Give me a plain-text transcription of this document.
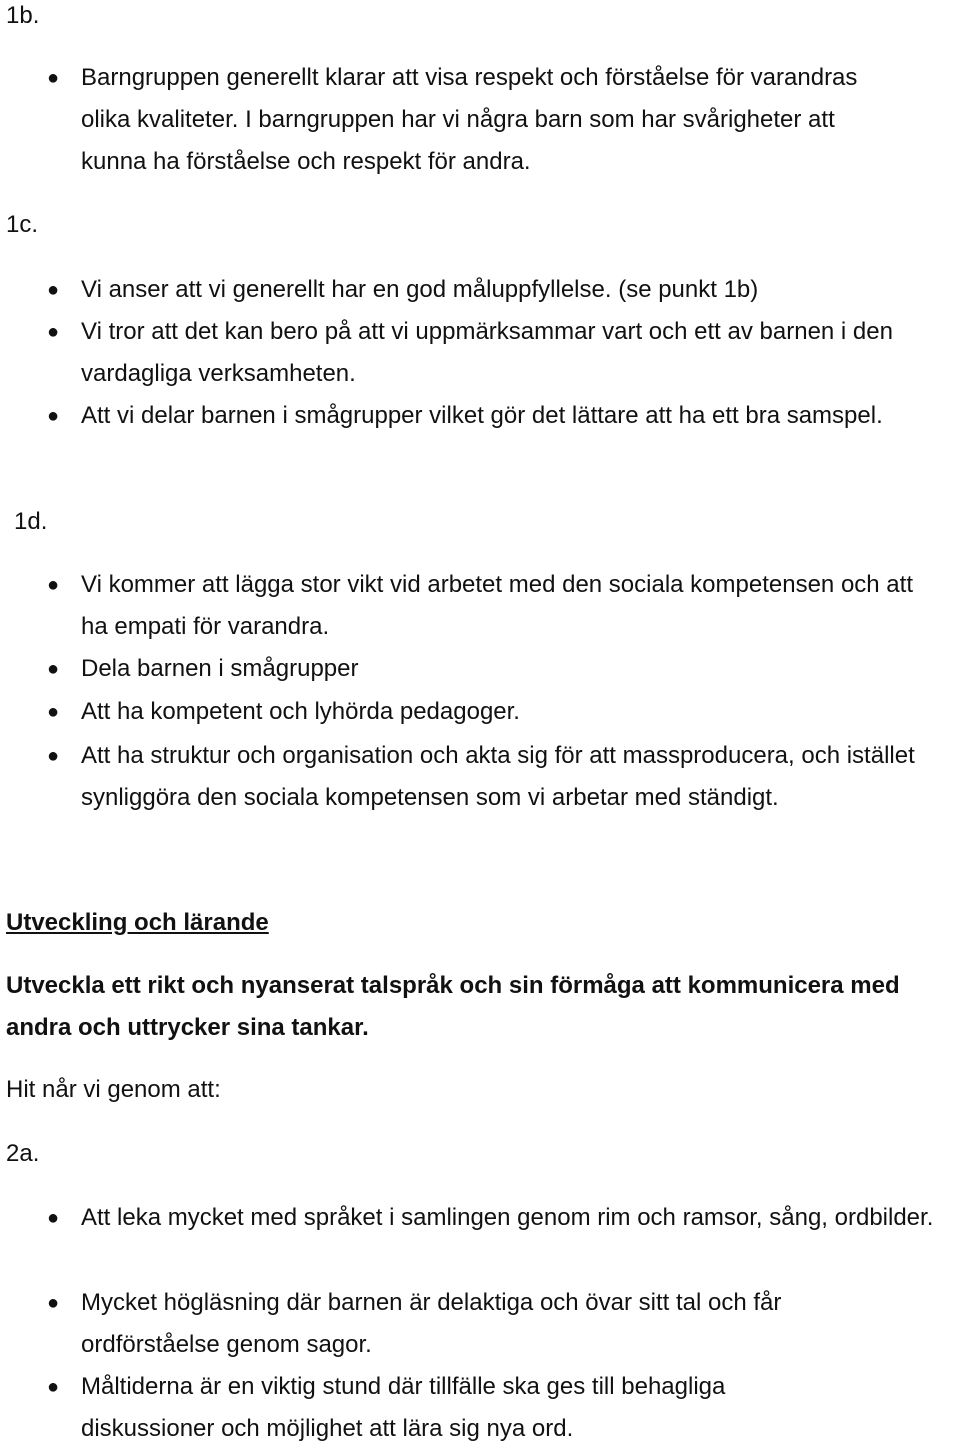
1b.
● Barngruppen generellt klarar att visa respekt och förståelse för varandras olika kvaliteter. I barngruppen har vi några barn som har svårigheter att kunna ha förståelse och respekt för andra.
1c.
● Vi anser att vi generellt har en god måluppfyllelse. (se punkt 1b)
● Vi tror att det kan bero på att vi uppmärksammar vart och ett av barnen i den vardagliga verksamheten.
● Att vi delar barnen i smågrupper vilket gör det lättare att ha ett bra samspel.
1d.
● Vi kommer att lägga stor vikt vid arbetet med den sociala kompetensen och att ha empati för varandra.
● Dela barnen i smågrupper
● Att ha kompetent och lyhörda pedagoger.
● Att ha struktur och organisation och akta sig för att massproducera, och istället synliggöra den sociala kompetensen som vi arbetar med ständigt.
Utveckling och lärande
Utveckla ett rikt och nyanserat talspråk och sin förmåga att kommunicera med andra och uttrycker sina tankar.
Hit når vi genom att:
2a.
● Att leka mycket med språket i samlingen genom rim och ramsor, sång, ordbilder.
● Mycket högläsning där barnen är delaktiga och övar sitt tal och får ordförståelse genom sagor.
● Måltiderna är en viktig stund där tillfälle ska ges till behagliga diskussioner och möjlighet att lära sig nya ord.
